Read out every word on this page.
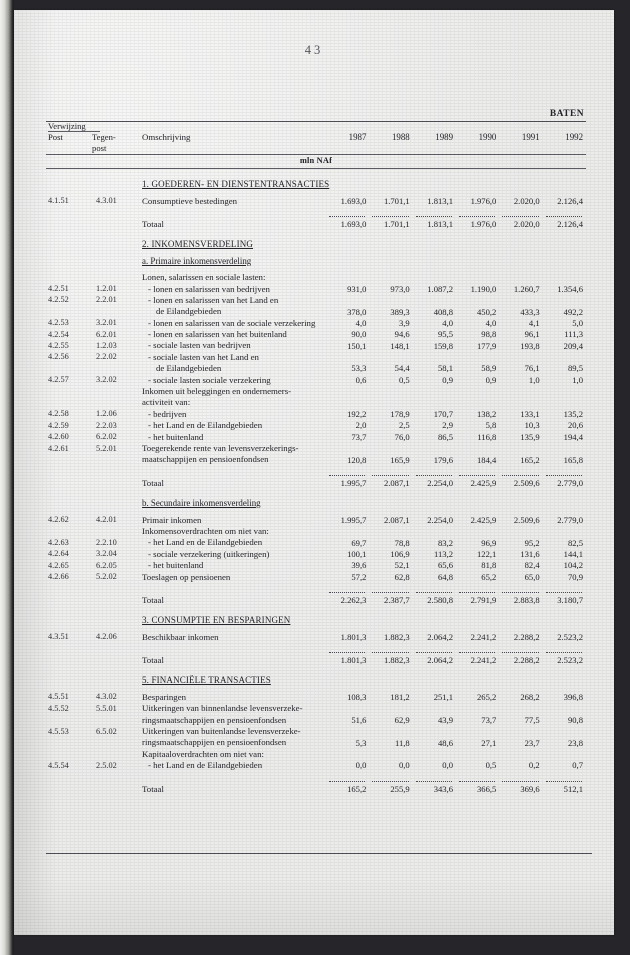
43
BATEN
Verwijzing		Omschrijving	1987	1988	1989	1990	1991	1992
Post	Tegen-							
	post							
mln NAf

		1. GOEDEREN- EN DIENSTENTRANSACTIES						

4.1.51	4.3.01	Consumptieve bestedingen	1.693,0	1.701,1	1.813,1	1.976,0	2.020,0	2.126,4

		Totaal	1.693,0	1.701,1	1.813,1	1.976,0	2.020,0	2.126,4

		2. INKOMENSVERDELING						

		a. Primaire inkomensverdeling						

		Lonen, salarissen en sociale lasten:						
4.2.51	1.2.01	- lonen en salarissen van bedrijven	931,0	973,0	1.087,2	1.190,0	1.260,7	1.354,6
4.2.52	2.2.01	- lonen en salarissen van het Land en						
		de Eilandgebieden	378,0	389,3	408,8	450,2	433,3	492,2
4.2.53	3.2.01	- lonen en salarissen van de sociale verzekering	4,0	3,9	4,0	4,0	4,1	5,0
4.2.54	6.2.01	- lonen en salarissen van het buitenland	90,0	94,6	95,5	98,8	96,1	111,3
4.2.55	1.2.03	- sociale lasten van bedrijven	150,1	148,1	159,8	177,9	193,8	209,4
4.2.56	2.2.02	- sociale lasten van het Land en						
		de Eilandgebieden	53,3	54,4	58,1	58,9	76,1	89,5
4.2.57	3.2.02	- sociale lasten sociale verzekering	0,6	0,5	0,9	0,9	1,0	1,0
		Inkomen uit beleggingen en ondernemers-						
		activiteit van:						
4.2.58	1.2.06	- bedrijven	192,2	178,9	170,7	138,2	133,1	135,2
4.2.59	2.2.03	- het Land en de Eilandgebieden	2,0	2,5	2,9	5,8	10,3	20,6
4.2.60	6.2.02	- het buitenland	73,7	76,0	86,5	116,8	135,9	194,4
4.2.61	5.2.01	Toegerekende rente van levensverzekerings-						
		maatschappijen en pensioenfondsen	120,8	165,9	179,6	184,4	165,2	165,8

		Totaal	1.995,7	2.087,1	2.254,0	2.425,9	2.509,6	2.779,0

		b. Secundaire inkomensverdeling						

4.2.62	4.2.01	Primair inkomen	1.995,7	2.087,1	2.254,0	2.425,9	2.509,6	2.779,0
		Inkomensoverdrachten om niet van:						
4.2.63	2.2.10	- het Land en de Eilandgebieden	69,7	78,8	83,2	96,9	95,2	82,5
4.2.64	3.2.04	- sociale verzekering (uitkeringen)	100,1	106,9	113,2	122,1	131,6	144,1
4.2.65	6.2.05	- het buitenland	39,6	52,1	65,6	81,8	82,4	104,2
4.2.66	5.2.02	Toeslagen op pensioenen	57,2	62,8	64,8	65,2	65,0	70,9

		Totaal	2.262,3	2.387,7	2.580,8	2.791,9	2.883,8	3.180,7

		3. CONSUMPTIE EN BESPARINGEN						

4.3.51	4.2.06	Beschikbaar inkomen	1.801,3	1.882,3	2.064,2	2.241,2	2.288,2	2.523,2

		Totaal	1.801,3	1.882,3	2.064,2	2.241,2	2.288,2	2.523,2

		5. FINANCIËLE TRANSACTIES						

4.5.51	4.3.02	Besparingen	108,3	181,2	251,1	265,2	268,2	396,8
4.5.52	5.5.01	Uitkeringen van binnenlandse levensverzeke-						
		ringsmaatschappijen en pensioenfondsen	51,6	62,9	43,9	73,7	77,5	90,8
4.5.53	6.5.02	Uitkeringen van buitenlandse levensverzeke-						
		ringsmaatschappijen en pensioenfondsen	5,3	11,8	48,6	27,1	23,7	23,8
		Kapitaaloverdrachten om niet van:						
4.5.54	2.5.02	- het Land en de Eilandgebieden	0,0	0,0	0,0	0,5	0,2	0,7

		Totaal	165,2	255,9	343,6	366,5	369,6	512,1
